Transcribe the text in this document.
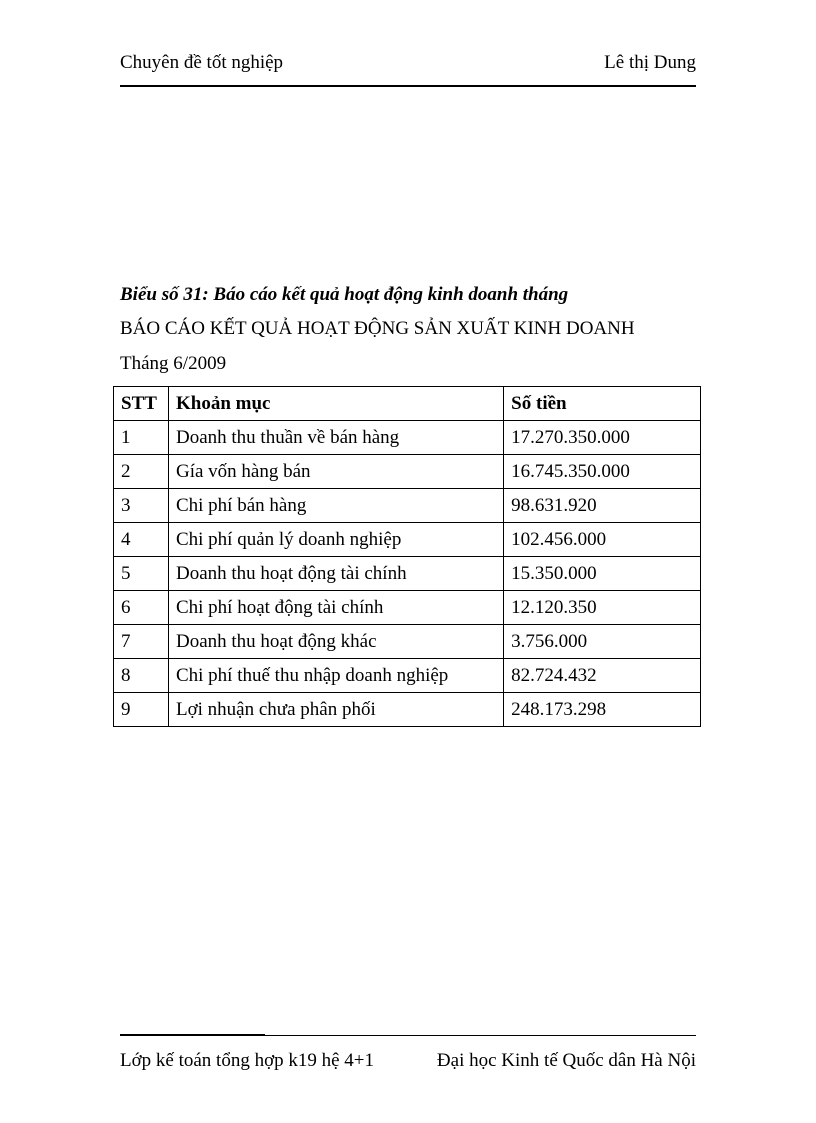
Chuyên đề tốt nghiệp	Lê thị Dung
Biểu số 31: Báo cáo kết quả hoạt động kinh doanh tháng
BÁO CÁO KẾT QUẢ HOẠT ĐỘNG SẢN XUẤT KINH DOANH
Tháng 6/2009
STT	Khoản mục	Số tiền
1	Doanh thu thuần về bán hàng	17.270.350.000
2	Gía vốn hàng bán	16.745.350.000
3	Chi phí bán hàng	98.631.920
4	Chi phí quản lý doanh nghiệp	102.456.000
5	Doanh thu hoạt động tài chính	15.350.000
6	Chi phí hoạt động tài chính	12.120.350
7	Doanh thu hoạt động khác	3.756.000
8	Chi phí thuế thu nhập doanh nghiệp	82.724.432
9	Lợi nhuận chưa phân phối	248.173.298
Lớp kế toán tổng hợp k19 hệ 4+1	Đại học Kinh tế Quốc dân Hà Nội
